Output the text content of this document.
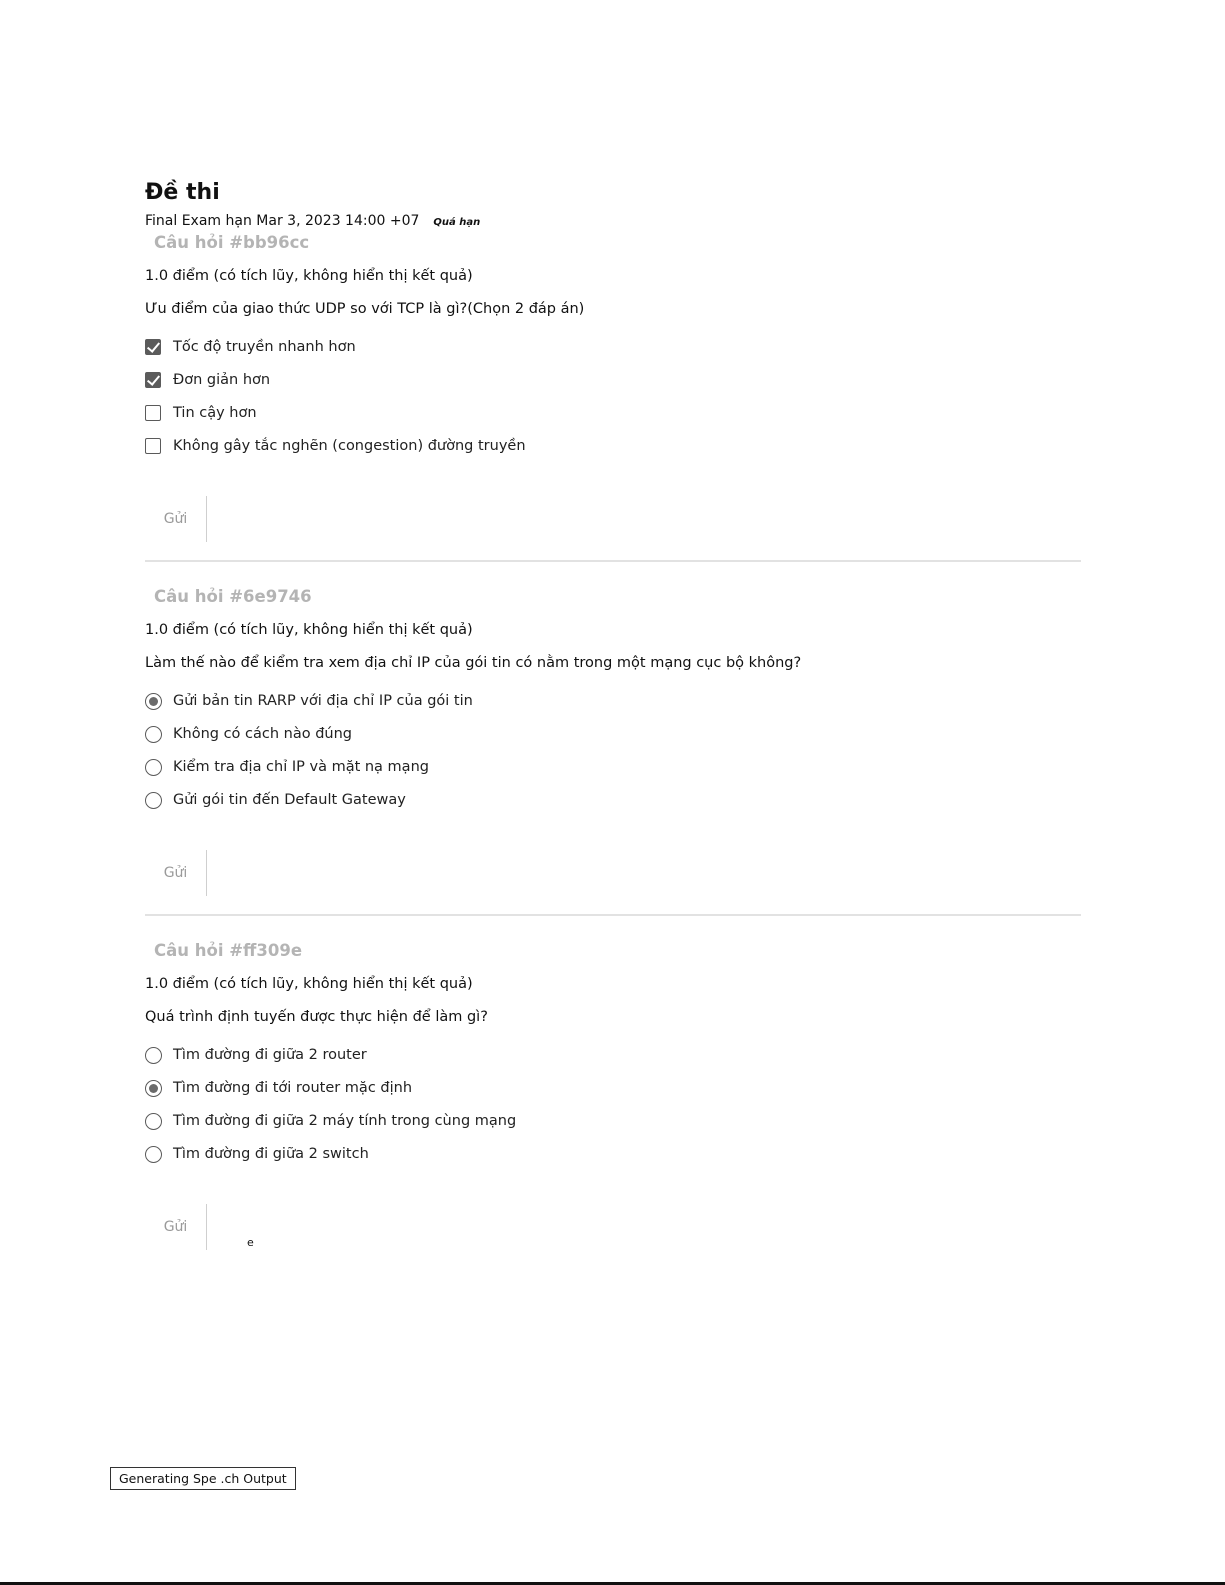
Đề thi
Final Exam hạn Mar 3, 2023 14:00 +07 Quá hạn
Câu hỏi #bb96cc
1.0 điểm (có tích lũy, không hiển thị kết quả)
Ưu điểm của giao thức UDP so với TCP là gì?(Chọn 2 đáp án)
Tốc độ truyền nhanh hơn
Đơn giản hơn
Tin cậy hơn
Không gây tắc nghẽn (congestion) đường truyền
Gửi
Câu hỏi #6e9746
1.0 điểm (có tích lũy, không hiển thị kết quả)
Làm thế nào để kiểm tra xem địa chỉ IP của gói tin có nằm trong một mạng cục bộ không?
Gửi bản tin RARP với địa chỉ IP của gói tin
Không có cách nào đúng
Kiểm tra địa chỉ IP và mặt nạ mạng
Gửi gói tin đến Default Gateway
Gửi
Câu hỏi #ff309e
1.0 điểm (có tích lũy, không hiển thị kết quả)
Quá trình định tuyến được thực hiện để làm gì?
Tìm đường đi giữa 2 router
Tìm đường đi tới router mặc định
Tìm đường đi giữa 2 máy tính trong cùng mạng
Tìm đường đi giữa 2 switch
Gửi
e
Generating Spe .ch Output
